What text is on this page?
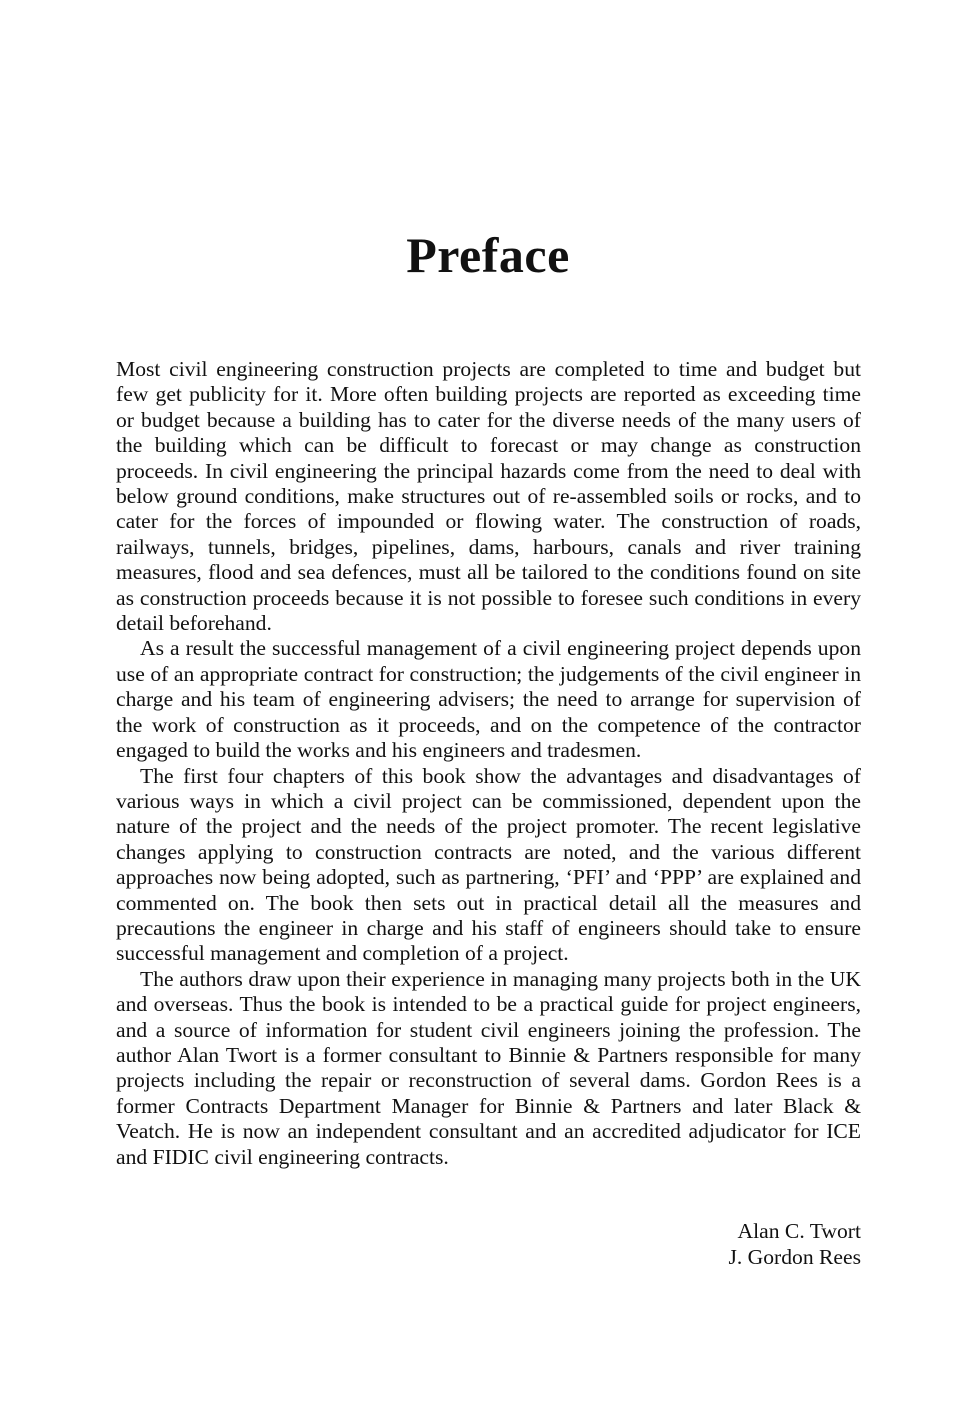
Preface

Most civil engineering construction projects are completed to time and budget but few get publicity for it. More often building projects are reported as exceeding time or budget because a building has to cater for the diverse needs of the many users of the building which can be difficult to forecast or may change as construction proceeds. In civil engineering the principal hazards come from the need to deal with below ground conditions, make structures out of re-assembled soils or rocks, and to cater for the forces of impounded or flowing water. The construction of roads, railways, tunnels, bridges, pipelines, dams, harbours, canals and river training measures, flood and sea defences, must all be tailored to the conditions found on site as construction proceeds because it is not possible to foresee such conditions in every detail beforehand.

As a result the successful management of a civil engineering project depends upon use of an appropriate contract for construction; the judgements of the civil engineer in charge and his team of engineering advisers; the need to arrange for supervision of the work of construction as it proceeds, and on the competence of the contractor engaged to build the works and his engineers and tradesmen.

The first four chapters of this book show the advantages and disadvantages of various ways in which a civil project can be commissioned, dependent upon the nature of the project and the needs of the project promoter. The recent legislative changes applying to construction contracts are noted, and the various different approaches now being adopted, such as partnering, ‘PFI’ and ‘PPP’ are explained and commented on. The book then sets out in practical detail all the measures and precautions the engineer in charge and his staff of engineers should take to ensure successful management and completion of a project.

The authors draw upon their experience in managing many projects both in the UK and overseas. Thus the book is intended to be a practical guide for project engineers, and a source of information for student civil engineers joining the profession. The author Alan Twort is a former consultant to Binnie & Partners responsible for many projects including the repair or reconstruction of several dams. Gordon Rees is a former Contracts Department Manager for Binnie & Partners and later Black & Veatch. He is now an independent consultant and an accredited adjudicator for ICE and FIDIC civil engineering contracts.

Alan C. Twort
J. Gordon Rees
